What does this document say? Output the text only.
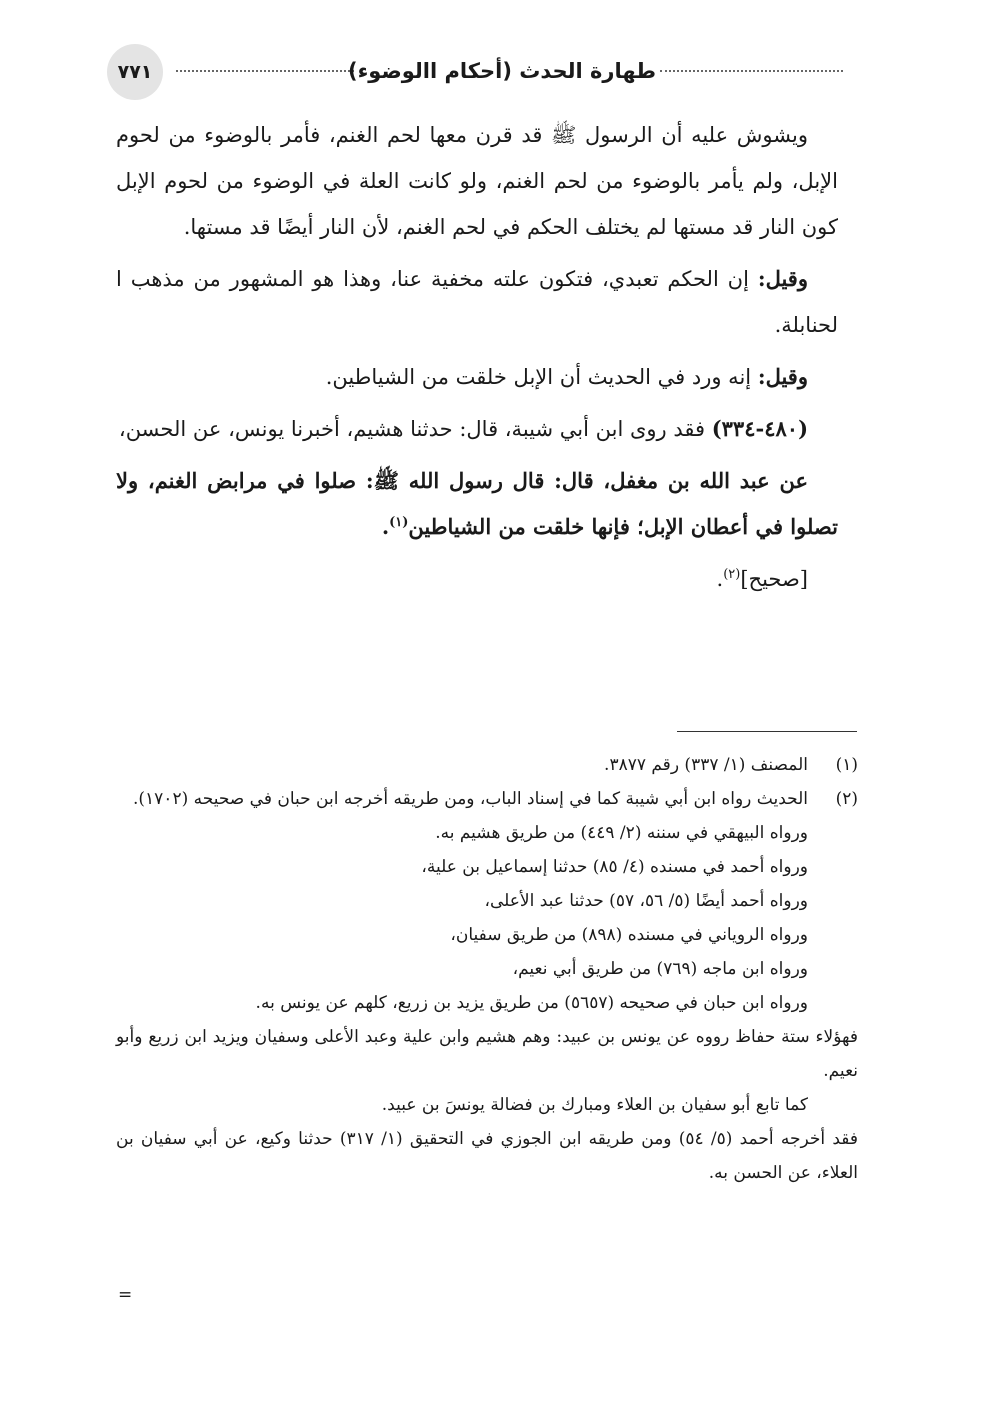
٧٧١	طهارة الحدث (أحكام االوضوء)

ويشوش عليه أن الرسول ﷺ قد قرن معها لحم الغنم، فأمر بالوضوء من لحوم الإبل، ولم يأمر بالوضوء من لحم الغنم، ولو كانت العلة في الوضوء من لحوم الإبل كون النار قد مستها لم يختلف الحكم في لحم الغنم، لأن النار أيضًا قد مستها.

وقيل: إن الحكم تعبدي، فتكون علته مخفية عنا، وهذا هو المشهور من مذهب ا لحنابلة.

وقيل: إنه ورد في الحديث أن الإبل خلقت من الشياطين.

(٤٨٠-٣٣٤) فقد روى ابن أبي شيبة، قال: حدثنا هشيم، أخبرنا يونس، عن الحسن،

عن عبد الله بن مغفل، قال: قال رسول الله ﷺ: صلوا في مرابض الغنم، ولا تصلوا في أعطان الإبل؛ فإنها خلقت من الشياطين$^{(١)}$.

[صحيح]$^{(٢)}$.

(١)
المصنف (١/ ٣٣٧) رقم ٣٨٧٧.
(٢)
الحديث رواه ابن أبي شيبة كما في إسناد الباب، ومن طريقه أخرجه ابن حبان في صحيحه (١٧٠٢).

ورواه البيهقي في سننه (٢/ ٤٤٩) من طريق هشيم به.

ورواه أحمد في مسنده (٤/ ٨٥) حدثنا إسماعيل بن علية،

ورواه أحمد أيضًا (٥/ ٥٦، ٥٧) حدثنا عبد الأعلى،

ورواه الروياني في مسنده (٨٩٨) من طريق سفيان،

ورواه ابن ماجه (٧٦٩) من طريق أبي نعيم،

ورواه ابن حبان في صحيحه (٥٦٥٧) من طريق يزيد بن زريع، كلهم عن يونس به.

فهؤلاء ستة حفاظ رووه عن يونس بن عبيد: وهم هشيم وابن علية وعبد الأعلى وسفيان ويزيد ابن زريع وأبو نعيم.

كما تابع أبو سفيان بن العلاء ومبارك بن فضالة يونسَ بن عبيد.

فقد أخرجه أحمد (٥/ ٥٤) ومن طريقه ابن الجوزي في التحقيق (١/ ٣١٧) حدثنا وكيع، عن أبي سفيان بن العلاء، عن الحسن به.

=
